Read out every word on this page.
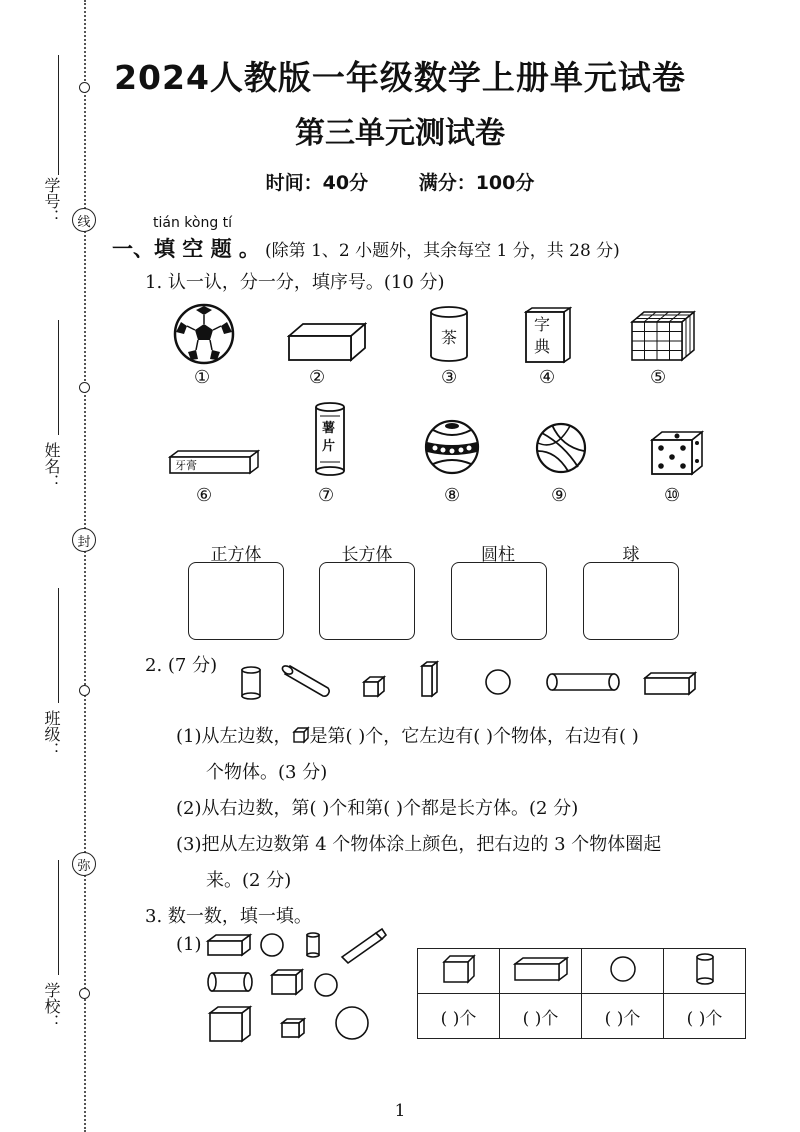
学号：
姓名：
班级：
学校：
线
封
弥
2024人教版一年级数学上册单元试卷
第三单元测试卷
时间：40分	满分：100分
tián kòng tí
一、填 空 题 。 (除第 1、2 小题外，其余每空 1 分，共 28 分)
1. 认一认，分一分，填序号。(10 分)
茶
字典
①	②	③	④	⑤
牙膏
薯片
⑥	⑦	⑧	⑨	⑩
正方体	长方体	圆柱	球
2. (7 分)
(1)从左边数， 是第( )个，它左边有( )个物体，右边有( )
个物体。(3 分)
(2)从右边数，第( )个和第( )个都是长方体。(2 分)
(3)把从左边数第 4 个物体涂上颜色，把右边的 3 个物体圈起
来。(2 分)
3. 数一数，填一填。
(1)

( )个	( )个	( )个	( )个
1
